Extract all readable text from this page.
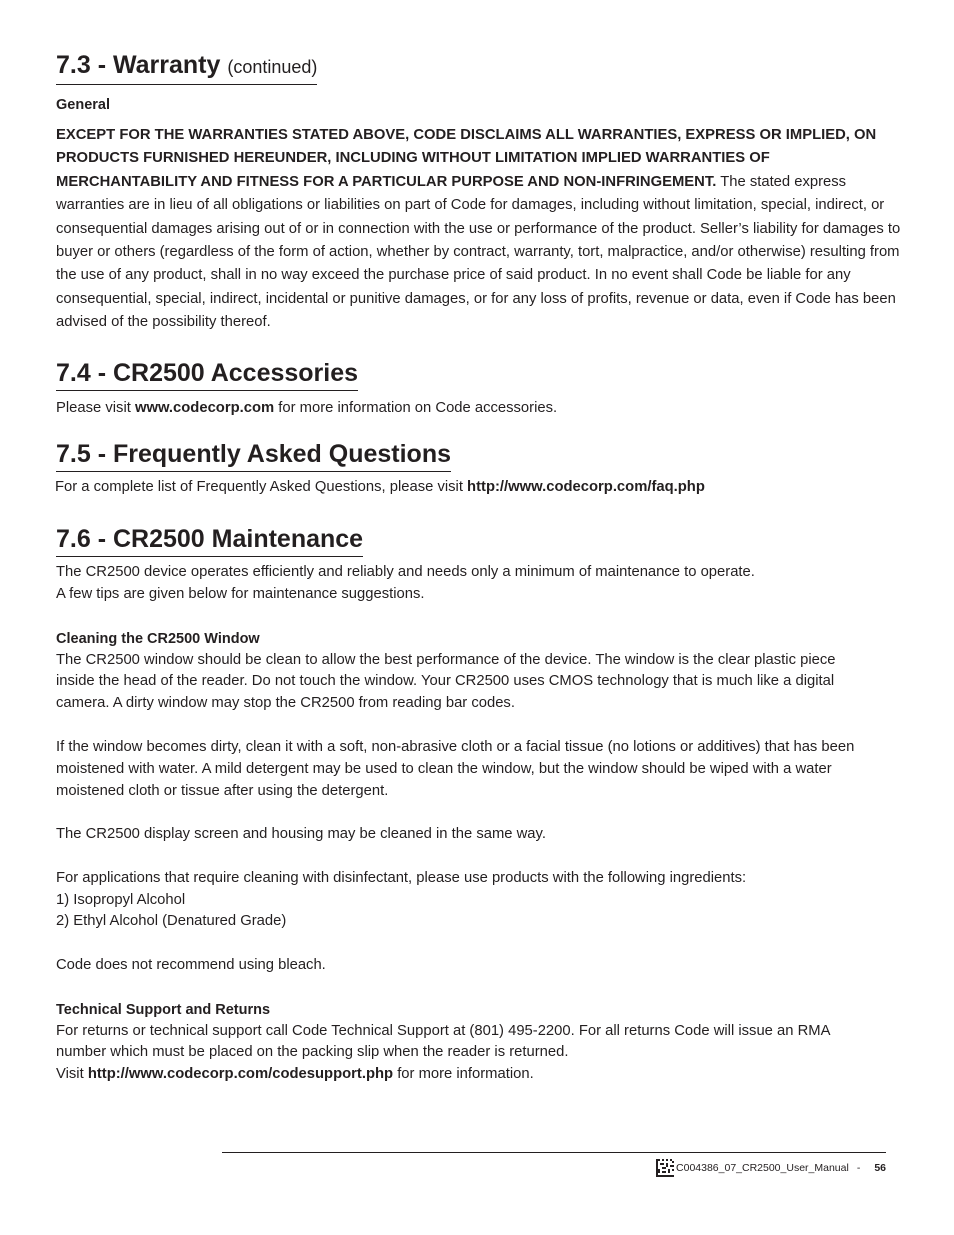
7.3 - Warranty (continued)
General
EXCEPT FOR THE WARRANTIES STATED ABOVE, CODE DISCLAIMS ALL WARRANTIES, EXPRESS OR IMPLIED, ON PRODUCTS FURNISHED HEREUNDER, INCLUDING WITHOUT LIMITATION IMPLIED WARRANTIES OF MERCHANTABILITY AND FITNESS FOR A PARTICULAR PURPOSE AND NON-INFRINGEMENT. The stated express warranties are in lieu of all obligations or liabilities on part of Code for damages, including without limitation, special, indirect, or consequential damages arising out of or in connection with the use or performance of the product. Seller’s liability for damages to buyer or others (regardless of the form of action, whether by contract, warranty, tort, malpractice, and/or otherwise) resulting from the use of any product, shall in no way exceed the purchase price of said product. In no event shall Code be liable for any consequential, special, indirect, incidental or punitive damages, or for any loss of profits, revenue or data, even if Code has been advised of the possibility thereof.
7.4 - CR2500 Accessories
Please visit www.codecorp.com for more information on Code accessories.
7.5 - Frequently Asked Questions
For a complete list of Frequently Asked Questions, please visit http://www.codecorp.com/faq.php
7.6 - CR2500 Maintenance
The CR2500 device operates efficiently and reliably and needs only a minimum of maintenance to operate.
A few tips are given below for maintenance suggestions.
Cleaning the CR2500 Window
The CR2500 window should be clean to allow the best performance of the device. The window is the clear plastic piece
inside the head of the reader. Do not touch the window. Your CR2500 uses CMOS technology that is much like a digital
camera. A dirty window may stop the CR2500 from reading bar codes.
If the window becomes dirty, clean it with a soft, non-abrasive cloth or a facial tissue (no lotions or additives) that has been
moistened with water. A mild detergent may be used to clean the window, but the window should be wiped with a water
moistened cloth or tissue after using the detergent.
The CR2500 display screen and housing may be cleaned in the same way.
For applications that require cleaning with disinfectant, please use products with the following ingredients:
1) Isopropyl Alcohol
2) Ethyl Alcohol (Denatured Grade)
Code does not recommend using bleach.
Technical Support and Returns
For returns or technical support call Code Technical Support at (801) 495-2200. For all returns Code will issue an RMA
number which must be placed on the packing slip when the reader is returned.
Visit http://www.codecorp.com/codesupport.php for more information.
C004386_07_CR2500_User_Manual - 56
